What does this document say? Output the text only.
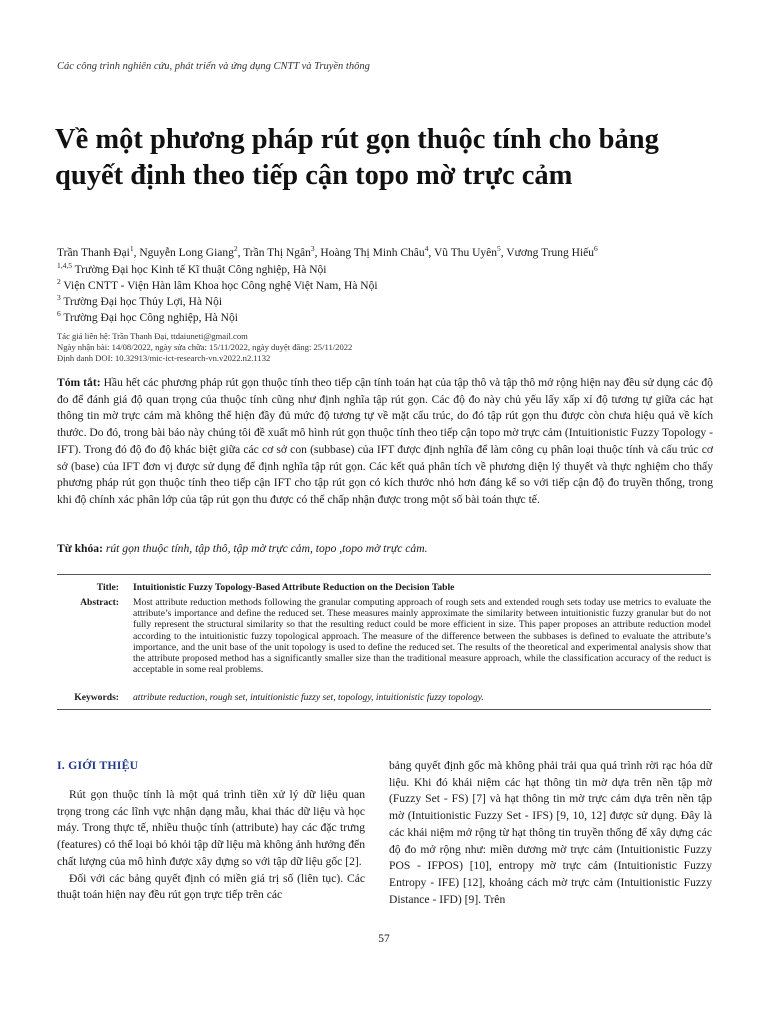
Các công trình nghiên cứu, phát triển và ứng dụng CNTT và Truyền thông
Về một phương pháp rút gọn thuộc tính cho bảng quyết định theo tiếp cận topo mờ trực cảm
Trần Thanh Đại$^1$, Nguyễn Long Giang$^2$, Trần Thị Ngân$^3$, Hoàng Thị Minh Châu$^4$, Vũ Thu Uyên$^5$, Vương Trung Hiếu$^6$

$^{1,4,5}$ Trường Đại học Kinh tế Kĩ thuật Công nghiệp, Hà Nội

$^2$ Viện CNTT - Viện Hàn lâm Khoa học Công nghệ Việt Nam, Hà Nội

$^3$ Trường Đại học Thủy Lợi, Hà Nội

$^6$ Trường Đại học Công nghiệp, Hà Nội

Tác giả liên hệ: Trần Thanh Đại, ttdaiuneti@gmail.com

Ngày nhận bài: 14/08/2022, ngày sửa chữa: 15/11/2022, ngày duyệt đăng: 25/11/2022

Định danh DOI: 10.32913/mic-ict-research-vn.v2022.n2.1132

Tóm tắt: Hầu hết các phương pháp rút gọn thuộc tính theo tiếp cận tính toán hạt của tập thô và tập thô mở rộng hiện nay đều sử dụng các độ đo để đánh giá độ quan trọng của thuộc tính cũng như định nghĩa tập rút gọn. Các độ đo này chủ yếu lấy xấp xỉ độ tương tự giữa các hạt thông tin mờ trực cảm mà không thể hiện đầy đủ mức độ tương tự về mặt cấu trúc, do đó tập rút gọn thu được còn chưa hiệu quả về kích thước. Do đó, trong bài báo này chúng tôi đề xuất mô hình rút gọn thuộc tính theo tiếp cận topo mờ trực cảm (Intuitionistic Fuzzy Topology - IFT). Trong đó độ đo độ khác biệt giữa các cơ sở con (subbase) của IFT được định nghĩa để làm công cụ phân loại thuộc tính và cấu trúc cơ sở (base) của IFT đơn vị được sử dụng để định nghĩa tập rút gọn. Các kết quả phân tích về phương diện lý thuyết và thực nghiệm cho thấy phương pháp rút gọn thuộc tính theo tiếp cận IFT cho tập rút gọn có kích thước nhỏ hơn đáng kể so với tiếp cận độ đo truyền thống, trong khi độ chính xác phân lớp của tập rút gọn thu được có thể chấp nhận được trong một số bài toán thực tế.

Từ khóa: rút gọn thuộc tính, tập thô, tập mờ trực cảm, topo ,topo mờ trực cảm.

Title: Intuitionistic Fuzzy Topology-Based Attribute Reduction on the Decision Table
Abstract: Most attribute reduction methods following the granular computing approach of rough sets and extended rough sets today use metrics to evaluate the attribute’s importance and define the reduced set. These measures mainly approximate the similarity between intuitionistic fuzzy granular but do not fully represent the structural similarity so that the resulting reduct could be more efficient in size. This paper proposes an attribute reduction model according to the intuitionistic fuzzy topological approach. The measure of the difference between the subbases is defined to evaluate the attribute’s importance, and the unit base of the unit topology is used to define the reduced set. The results of the theoretical and experimental analysis show that the attribute proposed method has a significantly smaller size than the traditional measure approach, while the classification accuracy of the reduct is acceptable in some real problems.
Keywords: attribute reduction, rough set, intuitionistic fuzzy set, topology, intuitionistic fuzzy topology.
I. GIỚI THIỆU

Rút gọn thuộc tính là một quá trình tiền xử lý dữ liệu quan trọng trong các lĩnh vực nhận dạng mẫu, khai thác dữ liệu và học máy. Trong thực tế, nhiều thuộc tính (attribute) hay các đặc trưng (features) có thể loại bỏ khỏi tập dữ liệu mà không ảnh hưởng đến chất lượng của mô hình được xây dựng so với tập dữ liệu gốc [2].

Đối với các bảng quyết định có miền giá trị số (liên tục). Các thuật toán hiện nay đều rút gọn trực tiếp trên các

bảng quyết định gốc mà không phải trải qua quá trình rời rạc hóa dữ liệu. Khi đó khái niệm các hạt thông tin mờ dựa trên nền tập mờ (Fuzzy Set - FS) [7] và hạt thông tin mờ trực cảm dựa trên nền tập mờ (Intuitionistic Fuzzy Set - IFS) [9, 10, 12] được sử dụng. Đây là các khái niệm mở rộng từ hạt thông tin truyền thống để xây dựng các độ đo mở rộng như: miền dương mờ trực cảm (Intuitionistic Fuzzy POS - IFPOS) [10], entropy mờ trực cảm (Intuitionistic Fuzzy Entropy - IFE) [12], khoảng cách mờ trực cảm (Intuitionistic Fuzzy Distance - IFD) [9]. Trên

57
